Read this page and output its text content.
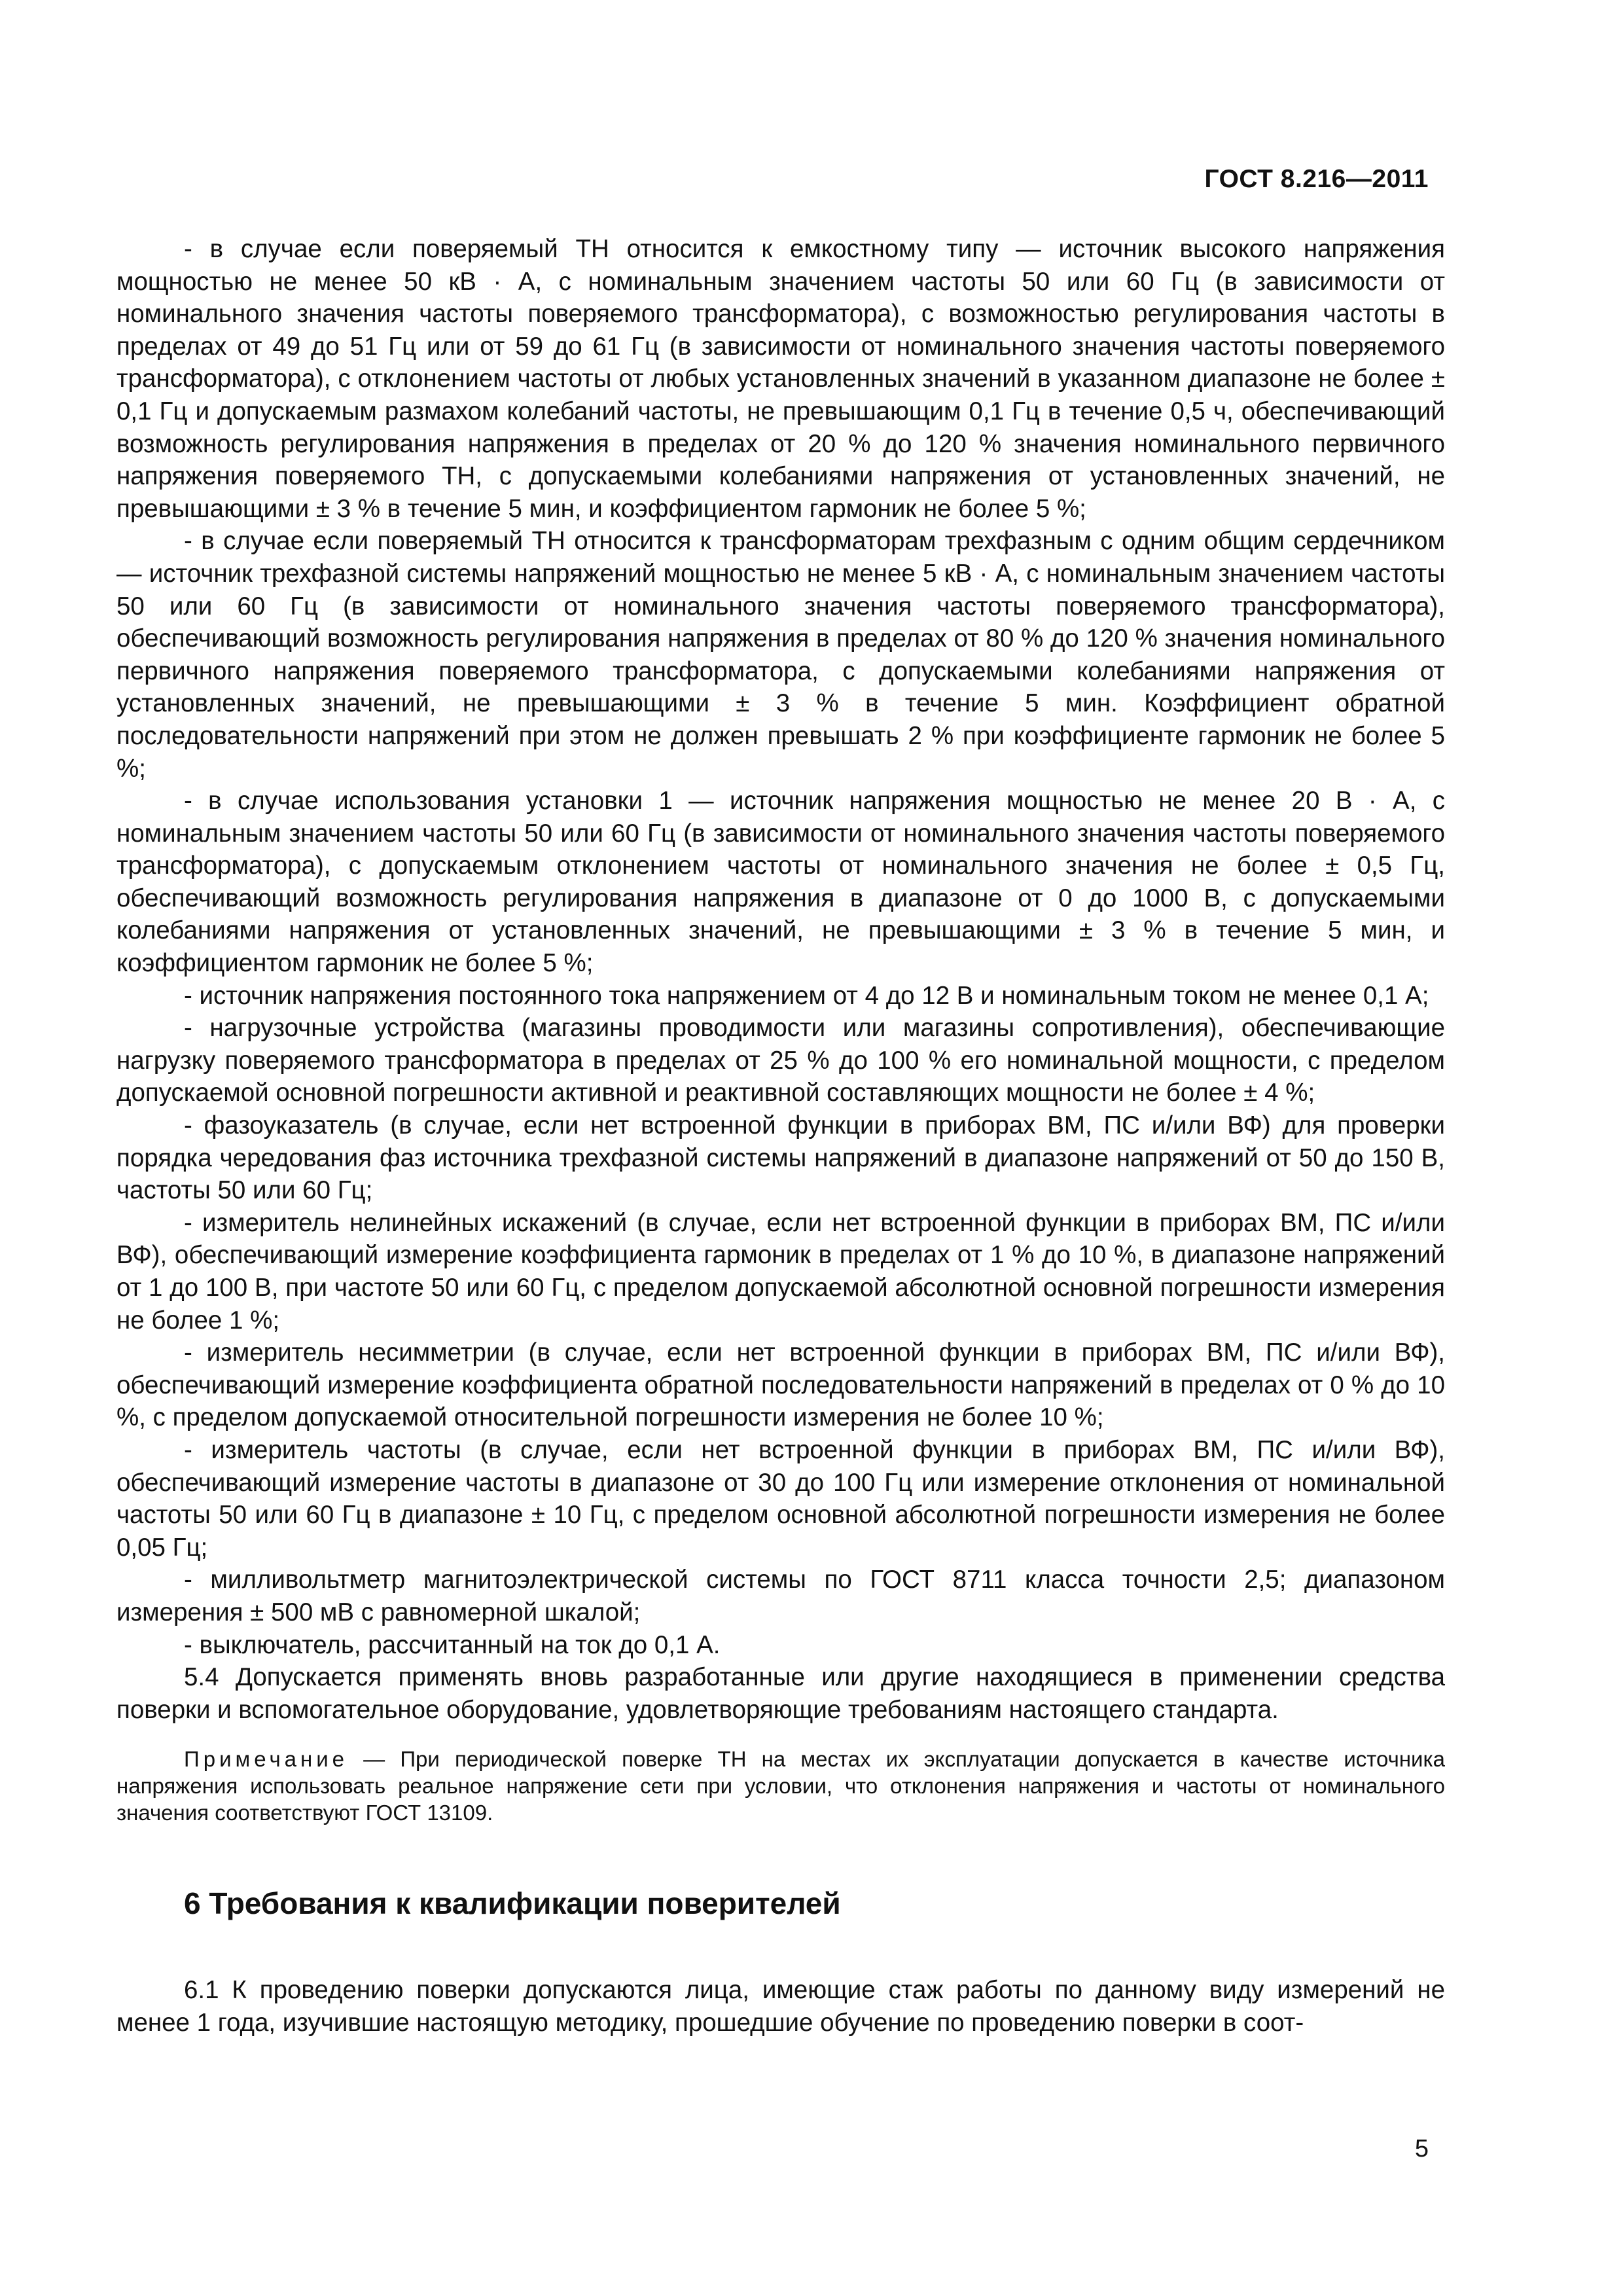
ГОСТ 8.216—2011

- в случае если поверяемый ТН относится к емкостному типу — источник высокого напряжения мощностью не менее 50 кВ · А, с номинальным значением частоты 50 или 60 Гц (в зависимости от номинального значения частоты поверяемого трансформатора), с возможностью регулирования частоты в пределах от 49 до 51 Гц или от 59 до 61 Гц (в зависимости от номинального значения частоты поверяемого трансформатора), с отклонением частоты от любых установленных значений в указанном диапазоне не более ± 0,1 Гц и допускаемым размахом колебаний частоты, не превышающим 0,1 Гц в течение 0,5 ч, обеспечивающий возможность регулирования напряжения в пределах от 20 % до 120 % значения номинального первичного напряжения поверяемого ТН, с допускаемыми колебаниями напряжения от установленных значений, не превышающими ± 3 % в течение 5 мин, и коэффициентом гармоник не более 5 %;

- в случае если поверяемый ТН относится к трансформаторам трехфазным с одним общим сердечником — источник трехфазной системы напряжений мощностью не менее 5 кВ · А, с номинальным значением частоты 50 или 60 Гц (в зависимости от номинального значения частоты поверяемого трансформатора), обеспечивающий возможность регулирования напряжения в пределах от 80 % до 120 % значения номинального первичного напряжения поверяемого трансформатора, с допускаемыми колебаниями напряжения от установленных значений, не превышающими ± 3 % в течение 5 мин. Коэффициент обратной последовательности напряжений при этом не должен превышать 2 % при коэффициенте гармоник не более 5 %;

- в случае использования установки 1 — источник напряжения мощностью не менее 20 В · А, с номинальным значением частоты 50 или 60 Гц (в зависимости от номинального значения частоты поверяемого трансформатора), с допускаемым отклонением частоты от номинального значения не более ± 0,5 Гц, обеспечивающий возможность регулирования напряжения в диапазоне от 0 до 1000 В, с допускаемыми колебаниями напряжения от установленных значений, не превышающими ± 3 % в течение 5 мин, и коэффициентом гармоник не более 5 %;

- источник напряжения постоянного тока напряжением от 4 до 12 В и номинальным током не менее 0,1 А;

- нагрузочные устройства (магазины проводимости или магазины сопротивления), обеспечивающие нагрузку поверяемого трансформатора в пределах от 25 % до 100 % его номинальной мощности, с пределом допускаемой основной погрешности активной и реактивной составляющих мощности не более ± 4 %;

- фазоуказатель (в случае, если нет встроенной функции в приборах ВМ, ПС и/или ВФ) для проверки порядка чередования фаз источника трехфазной системы напряжений в диапазоне напряжений от 50 до 150 В, частоты 50 или 60 Гц;

- измеритель нелинейных искажений (в случае, если нет встроенной функции в приборах ВМ, ПС и/или ВФ), обеспечивающий измерение коэффициента гармоник в пределах от 1 % до 10 %, в диапазоне напряжений от 1 до 100 В, при частоте 50 или 60 Гц, с пределом допускаемой абсолютной основной погрешности измерения не более 1 %;

- измеритель несимметрии (в случае, если нет встроенной функции в приборах ВМ, ПС и/или ВФ), обеспечивающий измерение коэффициента обратной последовательности напряжений в пределах от 0 % до 10 %, с пределом допускаемой относительной погрешности измерения не более 10 %;

- измеритель частоты (в случае, если нет встроенной функции в приборах ВМ, ПС и/или ВФ), обеспечивающий измерение частоты в диапазоне от 30 до 100 Гц или измерение отклонения от номинальной частоты 50 или 60 Гц в диапазоне ± 10 Гц, с пределом основной абсолютной погрешности измерения не более 0,05 Гц;

- милливольтметр магнитоэлектрической системы по ГОСТ 8711 класса точности 2,5; диапазоном измерения ± 500 мВ с равномерной шкалой;

- выключатель, рассчитанный на ток до 0,1 А.

5.4 Допускается применять вновь разработанные или другие находящиеся в применении средства поверки и вспомогательное оборудование, удовлетворяющие требованиям настоящего стандарта.

Примечание — При периодической поверке ТН на местах их эксплуатации допускается в качестве источника напряжения использовать реальное напряжение сети при условии, что отклонения напряжения и частоты от номинального значения соответствуют ГОСТ 13109.

6 Требования к квалификации поверителей

6.1 К проведению поверки допускаются лица, имеющие стаж работы по данному виду измерений не менее 1 года, изучившие настоящую методику, прошедшие обучение по проведению поверки в соот-

5
